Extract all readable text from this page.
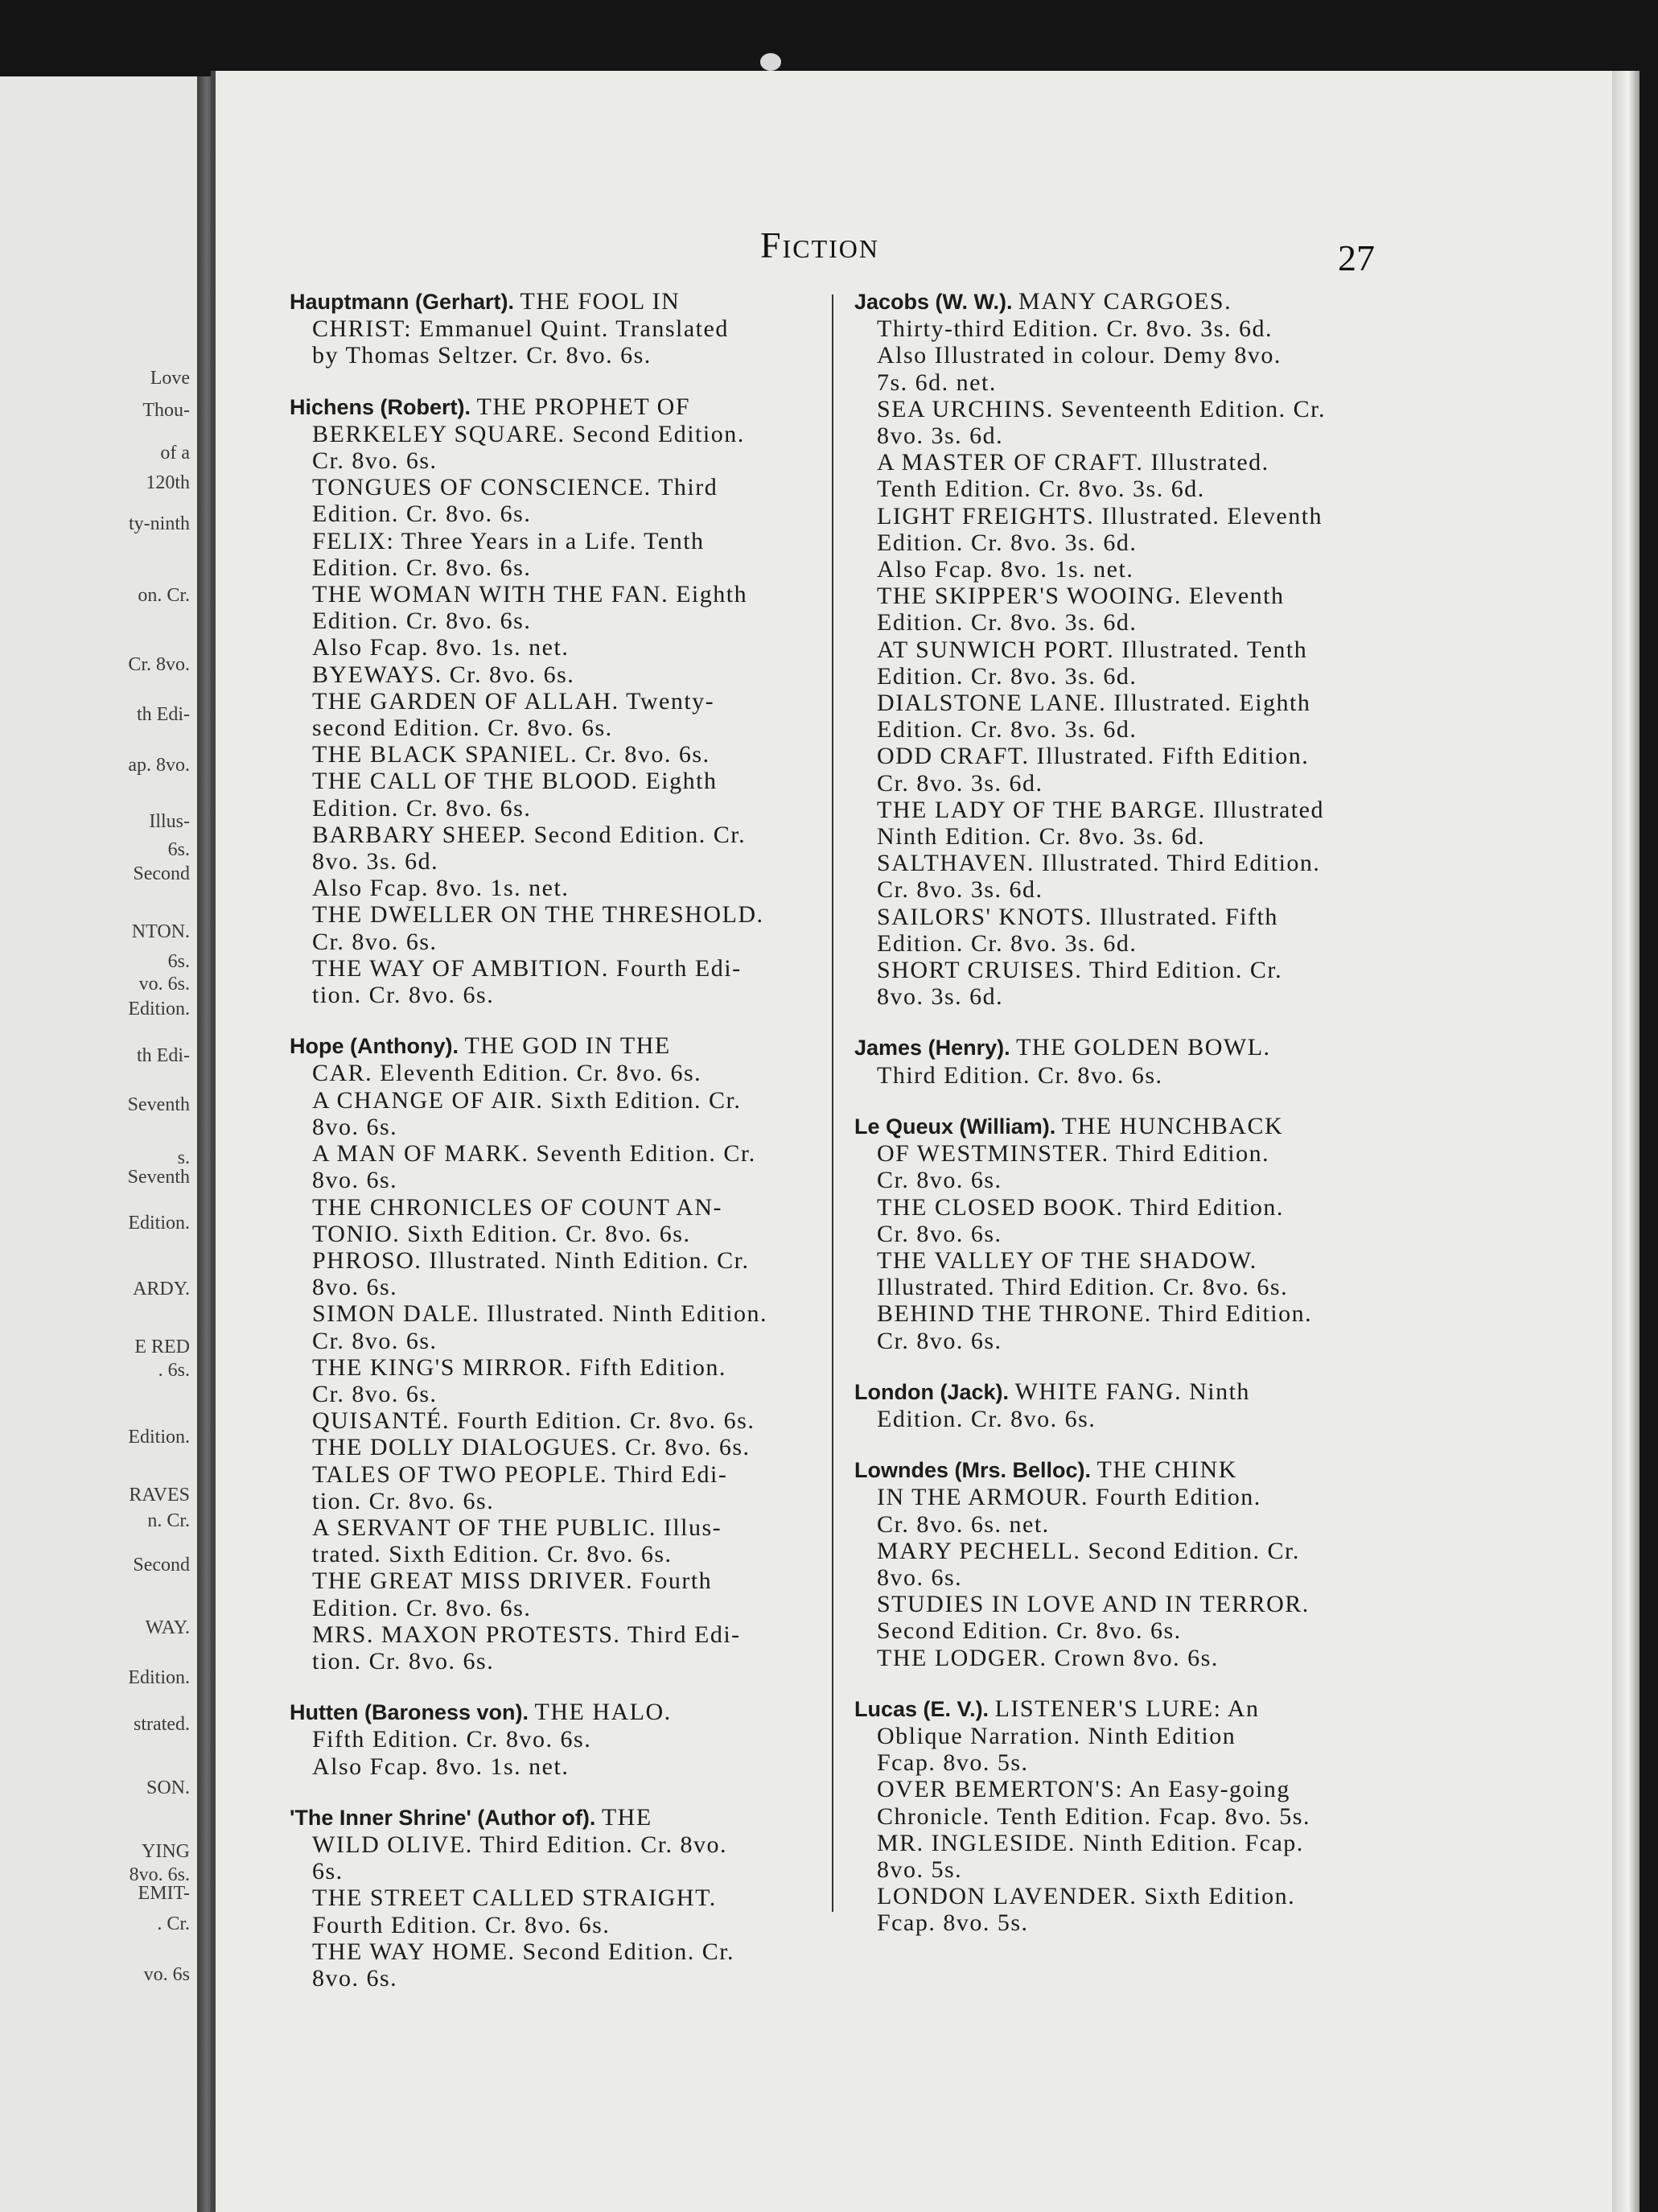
Love
Thou-
of a
120th
ty-ninth
on. Cr.
Cr. 8vo.
th Edi-
ap. 8vo.
Illus-
6s.
Second
NTON.
6s.
vo. 6s.
Edition.
th Edi-
Seventh
s.
Seventh
Edition.
ARDY.
E RED
. 6s.
Edition.
RAVES
n. Cr.
Second
WAY.
Edition.
strated.
SON.
YING
8vo. 6s.
EMIT-
. Cr.
vo. 6s
Fiction	27
Hauptmann (Gerhart). THE FOOL IN
CHRIST: Emmanuel Quint. Translated
by Thomas Seltzer. Cr. 8vo. 6s.
Hichens (Robert). THE PROPHET OF
BERKELEY SQUARE. Second Edition.
Cr. 8vo. 6s.
TONGUES OF CONSCIENCE. Third
Edition. Cr. 8vo. 6s.
FELIX: Three Years in a Life. Tenth
Edition. Cr. 8vo. 6s.
THE WOMAN WITH THE FAN. Eighth
Edition. Cr. 8vo. 6s.
Also Fcap. 8vo. 1s. net.
BYEWAYS. Cr. 8vo. 6s.
THE GARDEN OF ALLAH. Twenty-
second Edition. Cr. 8vo. 6s.
THE BLACK SPANIEL. Cr. 8vo. 6s.
THE CALL OF THE BLOOD. Eighth
Edition. Cr. 8vo. 6s.
BARBARY SHEEP. Second Edition. Cr.
8vo. 3s. 6d.
Also Fcap. 8vo. 1s. net.
THE DWELLER ON THE THRESHOLD.
Cr. 8vo. 6s.
THE WAY OF AMBITION. Fourth Edi-
tion. Cr. 8vo. 6s.
Hope (Anthony). THE GOD IN THE
CAR. Eleventh Edition. Cr. 8vo. 6s.
A CHANGE OF AIR. Sixth Edition. Cr.
8vo. 6s.
A MAN OF MARK. Seventh Edition. Cr.
8vo. 6s.
THE CHRONICLES OF COUNT AN-
TONIO. Sixth Edition. Cr. 8vo. 6s.
PHROSO. Illustrated. Ninth Edition. Cr.
8vo. 6s.
SIMON DALE. Illustrated. Ninth Edition.
Cr. 8vo. 6s.
THE KING'S MIRROR. Fifth Edition.
Cr. 8vo. 6s.
QUISANTÉ. Fourth Edition. Cr. 8vo. 6s.
THE DOLLY DIALOGUES. Cr. 8vo. 6s.
TALES OF TWO PEOPLE. Third Edi-
tion. Cr. 8vo. 6s.
A SERVANT OF THE PUBLIC. Illus-
trated. Sixth Edition. Cr. 8vo. 6s.
THE GREAT MISS DRIVER. Fourth
Edition. Cr. 8vo. 6s.
MRS. MAXON PROTESTS. Third Edi-
tion. Cr. 8vo. 6s.
Hutten (Baroness von). THE HALO.
Fifth Edition. Cr. 8vo. 6s.
Also Fcap. 8vo. 1s. net.
'The Inner Shrine' (Author of). THE
WILD OLIVE. Third Edition. Cr. 8vo.
6s.
THE STREET CALLED STRAIGHT.
Fourth Edition. Cr. 8vo. 6s.
THE WAY HOME. Second Edition. Cr.
8vo. 6s.
Jacobs (W. W.). MANY CARGOES.
Thirty-third Edition. Cr. 8vo. 3s. 6d.
Also Illustrated in colour. Demy 8vo.
7s. 6d. net.
SEA URCHINS. Seventeenth Edition. Cr.
8vo. 3s. 6d.
A MASTER OF CRAFT. Illustrated.
Tenth Edition. Cr. 8vo. 3s. 6d.
LIGHT FREIGHTS. Illustrated. Eleventh
Edition. Cr. 8vo. 3s. 6d.
Also Fcap. 8vo. 1s. net.
THE SKIPPER'S WOOING. Eleventh
Edition. Cr. 8vo. 3s. 6d.
AT SUNWICH PORT. Illustrated. Tenth
Edition. Cr. 8vo. 3s. 6d.
DIALSTONE LANE. Illustrated. Eighth
Edition. Cr. 8vo. 3s. 6d.
ODD CRAFT. Illustrated. Fifth Edition.
Cr. 8vo. 3s. 6d.
THE LADY OF THE BARGE. Illustrated
Ninth Edition. Cr. 8vo. 3s. 6d.
SALTHAVEN. Illustrated. Third Edition.
Cr. 8vo. 3s. 6d.
SAILORS' KNOTS. Illustrated. Fifth
Edition. Cr. 8vo. 3s. 6d.
SHORT CRUISES. Third Edition. Cr.
8vo. 3s. 6d.
James (Henry). THE GOLDEN BOWL.
Third Edition. Cr. 8vo. 6s.
Le Queux (William). THE HUNCHBACK
OF WESTMINSTER. Third Edition.
Cr. 8vo. 6s.
THE CLOSED BOOK. Third Edition.
Cr. 8vo. 6s.
THE VALLEY OF THE SHADOW.
Illustrated. Third Edition. Cr. 8vo. 6s.
BEHIND THE THRONE. Third Edition.
Cr. 8vo. 6s.
London (Jack). WHITE FANG. Ninth
Edition. Cr. 8vo. 6s.
Lowndes (Mrs. Belloc). THE CHINK
IN THE ARMOUR. Fourth Edition.
Cr. 8vo. 6s. net.
MARY PECHELL. Second Edition. Cr.
8vo. 6s.
STUDIES IN LOVE AND IN TERROR.
Second Edition. Cr. 8vo. 6s.
THE LODGER. Crown 8vo. 6s.
Lucas (E. V.). LISTENER'S LURE: An
Oblique Narration. Ninth Edition
Fcap. 8vo. 5s.
OVER BEMERTON'S: An Easy-going
Chronicle. Tenth Edition. Fcap. 8vo. 5s.
MR. INGLESIDE. Ninth Edition. Fcap.
8vo. 5s.
LONDON LAVENDER. Sixth Edition.
Fcap. 8vo. 5s.
